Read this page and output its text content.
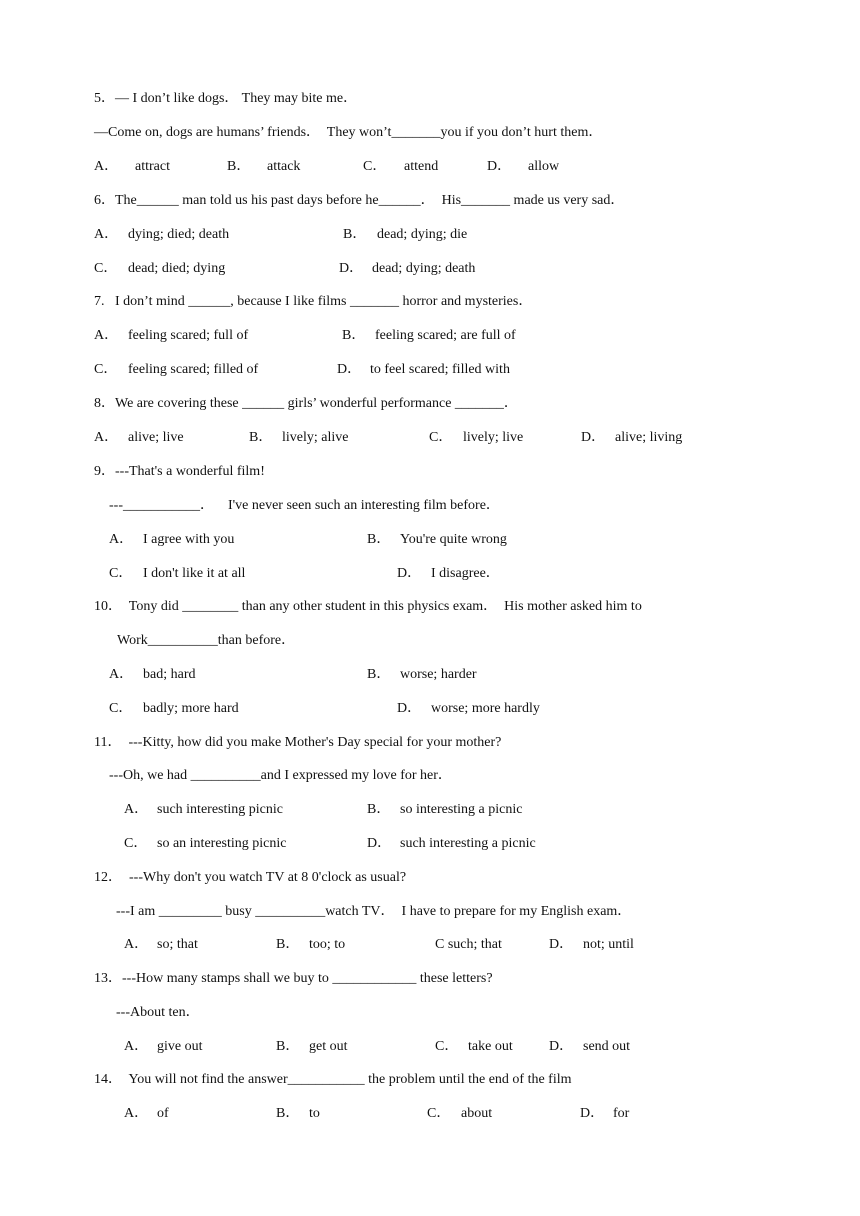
5．— I don’t like dogs． They may bite me．
—Come on, dogs are humans’ friends．  They won’t_______you if you don’t hurt them．
A． attract	B． attack	C． attend	D． allow
6．The______ man told us his past days before he______．  His_______ made us very sad．
A． dying; died; death	B． dead; dying; die
C． dead; died; dying	D． dead; dying; death
7.   I don’t mind ______, because I like films _______ horror and mysteries．
A． feeling scared; full of	B． feeling scared; are full of
C． feeling scared; filled of	D． to feel scared; filled with
8．We are covering these ______ girls’ wonderful performance _______．
A． alive; live	B． lively; alive	C． lively; live	D． alive; living
9．---That's a wonderful film!
---___________．    I've never seen such an interesting film before．
A． I agree with you	B． You're quite wrong
C． I don't like it at all	D． I disagree．
10．  Tony did ________ than any other student in this physics exam．  His mother asked him to
Work__________than before．
A． bad; hard	B． worse; harder
C． badly; more hard	D． worse; more hardly
11．  ---Kitty, how did you make Mother's Day special for your mother?
---Oh, we had __________and I expressed my love for her．
A． such interesting picnic	B． so interesting a picnic
C． so an interesting picnic	D． such interesting a picnic
12．  ---Why don't you watch TV at 8 0'clock as usual?
---I am _________ busy __________watch TV．  I have to prepare for my English exam．
A． so; that	B． too; to	C such; that	D． not; until
13．---How many stamps shall we buy to ____________ these letters?
---About ten．
A． give out	B． get out	C． take out	D． send out
14．  You will not find the answer___________ the problem until the end of the film
A． of	B． to	C． about	D． for
